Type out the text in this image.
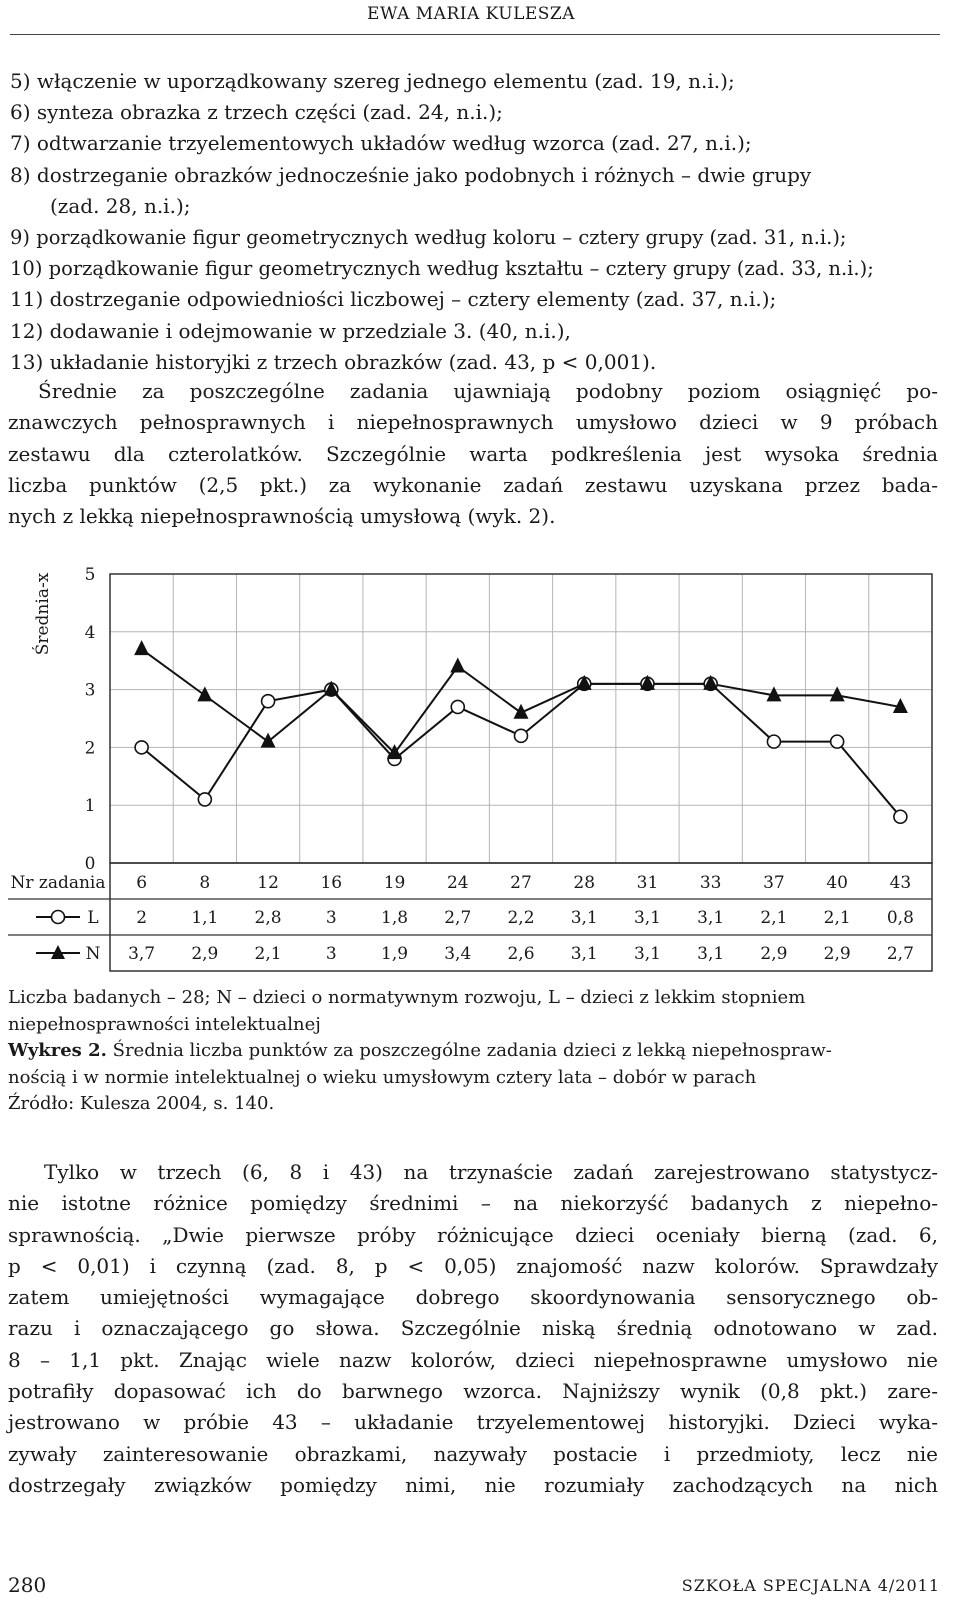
EWA MARIA KULESZA
5) włączenie w uporządkowany szereg jednego elementu (zad. 19, n.i.);
6) synteza obrazka z trzech części (zad. 24, n.i.);
7) odtwarzanie trzyelementowych układów według wzorca (zad. 27, n.i.);
8) dostrzeganie obrazków jednocześnie jako podobnych i różnych – dwie grupy
(zad. 28, n.i.);
9) porządkowanie figur geometrycznych według koloru – cztery grupy (zad. 31, n.i.);
10) porządkowanie figur geometrycznych według kształtu – cztery grupy (zad. 33, n.i.);
11) dostrzeganie odpowiedniości liczbowej – cztery elementy (zad. 37, n.i.);
12) dodawanie i odejmowanie w przedziale 3. (40, n.i.),
13) układanie historyjki z trzech obrazków (zad. 43, p < 0,001).
Średnie za poszczególne zadania ujawniają podobny poziom osiągnięć po-
znawczych pełnosprawnych i niepełnosprawnych umysłowo dzieci w 9 próbach
zestawu dla czterolatków. Szczególnie warta podkreślenia jest wysoka średnia
liczba punktów (2,5 pkt.) za wykonanie zadań zestawu uzyskana przez bada-
nych z lekką niepełnosprawnością umysłową (wyk. 2).
0
1
2
3
4
5
Średnia-x
Nr zadania 6	8	12 16 19 24 27 28 31 33 37 40 43
L 2	1,1 2,8	3	1,8 2,7 2,2 3,1 3,1 3,1 2,1 2,1 0,8
N 3,7 2,9 2,1	3	1,9 3,4 2,6 3,1 3,1 3,1 2,9 2,9 2,7
Liczba badanych – 28; N – dzieci o normatywnym rozwoju, L – dzieci z lekkim stopniem
niepełnosprawności intelektualnej
Wykres 2. Średnia liczba punktów za poszczególne zadania dzieci z lekką niepełnospraw-
nością i w normie intelektualnej o wieku umysłowym cztery lata – dobór w parach
Źródło: Kulesza 2004, s. 140.
Tylko w trzech (6, 8 i 43) na trzynaście zadań zarejestrowano statystycz-
nie istotne różnice pomiędzy średnimi – na niekorzyść badanych z niepełno-
sprawnością. „Dwie pierwsze próby różnicujące dzieci oceniały bierną (zad. 6,
p < 0,01) i czynną (zad. 8, p < 0,05) znajomość nazw kolorów. Sprawdzały
zatem umiejętności wymagające dobrego skoordynowania sensorycznego ob-
razu i oznaczającego go słowa. Szczególnie niską średnią odnotowano w zad.
8 – 1,1 pkt. Znając wiele nazw kolorów, dzieci niepełnosprawne umysłowo nie
potrafiły dopasować ich do barwnego wzorca. Najniższy wynik (0,8 pkt.) zare-
jestrowano w próbie 43 – układanie trzyelementowej historyjki. Dzieci wyka-
zywały zainteresowanie obrazkami, nazywały postacie i przedmioty, lecz nie
dostrzegały związków pomiędzy nimi, nie rozumiały zachodzących na nich
280	SZKOŁA SPECJALNA 4/2011
